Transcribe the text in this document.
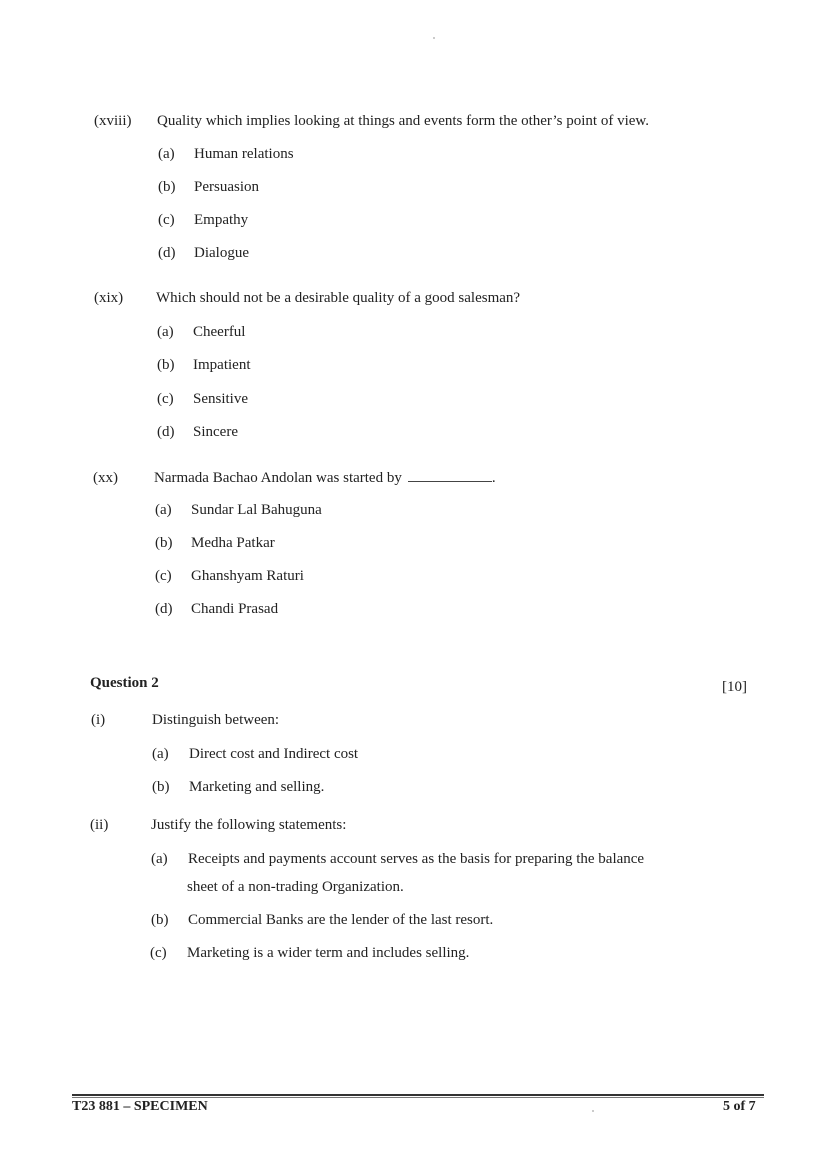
(xviii) Quality which implies looking at things and events form the other’s point of view.
(a) Human relations
(b) Persuasion
(c) Empathy
(d) Dialogue
(xix) Which should not be a desirable quality of a good salesman?
(a) Cheerful
(b) Impatient
(c) Sensitive
(d) Sincere
(xx) Narmada Bachao Andolan was started by	.
(a) Sundar Lal Bahuguna
(b) Medha Patkar
(c) Ghanshyam Raturi
(d) Chandi Prasad
Question 2	[10]
(i)	Distinguish between:
(a) Direct cost and Indirect cost
(b) Marketing and selling.
(ii)	Justify the following statements:
(a) Receipts and payments account serves as the basis for preparing the balance
sheet of a non-trading Organization.
(b) Commercial Banks are the lender of the last resort.
(c) Marketing is a wider term and includes selling.
T23 881 – SPECIMEN	5 of 7
